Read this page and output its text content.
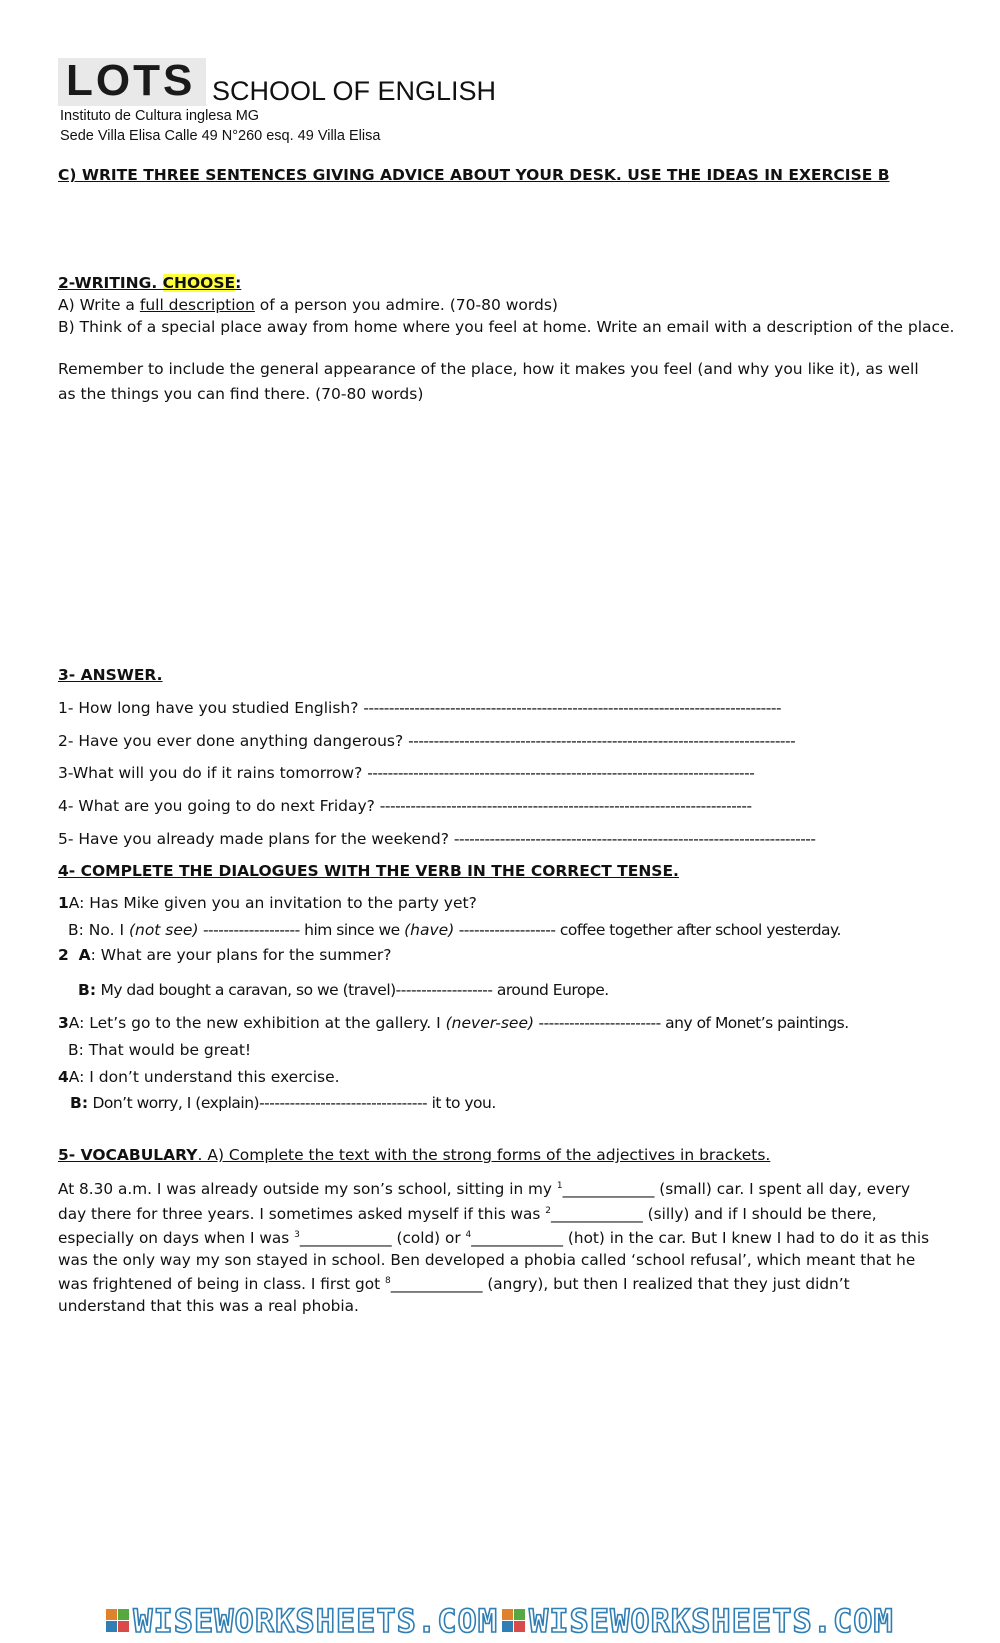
LOTS SCHOOL OF ENGLISH
Instituto de Cultura inglesa MG
Sede Villa Elisa Calle 49 N°260 esq. 49 Villa Elisa
C) WRITE THREE SENTENCES GIVING ADVICE ABOUT YOUR DESK. USE THE IDEAS IN EXERCISE B
2-WRITING. CHOOSE:
A) Write a full description of a person you admire. (70-80 words)
B) Think of a special place away from home where you feel at home. Write an email with a description of the place.
Remember to include the general appearance of the place, how it makes you feel (and why you like it), as well as the things you can find there. (70-80 words)
3- ANSWER.
1- How long have you studied English? ----------------------------------------------------------------------------------
2- Have you ever done anything dangerous? ----------------------------------------------------------------------------
3-What will you do if it rains tomorrow? ----------------------------------------------------------------------------
4- What are you going to do next Friday? -------------------------------------------------------------------------
5- Have you already made plans for the weekend? -----------------------------------------------------------------------
4- COMPLETE THE DIALOGUES WITH THE VERB IN THE CORRECT TENSE.
1A: Has Mike given you an invitation to the party yet?
B: No. I (not see) ------------------- him since we (have) ------------------- coffee together after school yesterday.
2 A: What are your plans for the summer?
B: My dad bought a caravan, so we (travel)------------------- around Europe.
3A: Let’s go to the new exhibition at the gallery. I (never-see) ------------------------ any of Monet’s paintings.
B: That would be great!
4A: I don’t understand this exercise.
B: Don’t worry, I (explain)--------------------------------- it to you.
5- VOCABULARY. A) Complete the text with the strong forms of the adjectives in brackets.
At 8.30 a.m. I was already outside my son’s school, sitting in my $^1$____________ (small) car. I spent all day, every day there for three years. I sometimes asked myself if this was $^2$____________ (silly) and if I should be there, especially on days when I was $^3$____________ (cold) or $^4$____________ (hot) in the car. But I knew I had to do it as this was the only way my son stayed in school. Ben developed a phobia called ‘school refusal’, which meant that he was frightened of being in class. I first got $^8$____________ (angry), but then I realized that they just didn’t understand that this was a real phobia.
WISEWORKSHEETS.COM WISEWORKSHEETS.COM
